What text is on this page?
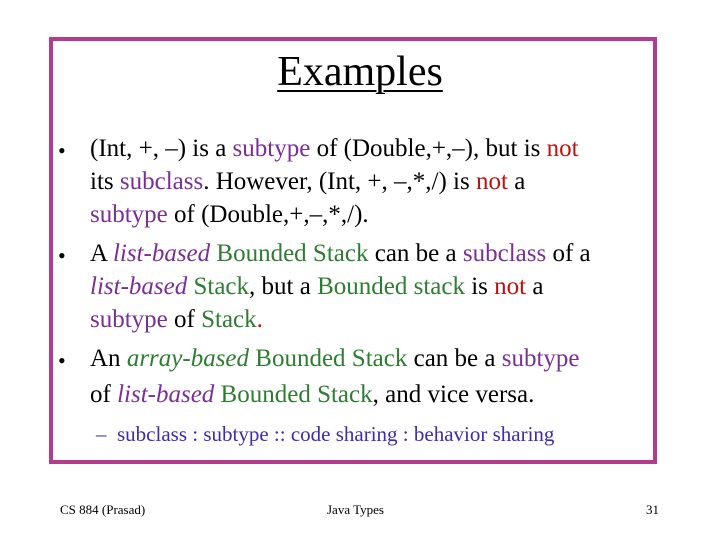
Examples
• (Int, +, –) is a subtype of (Double,+,–), but is not
its subclass. However, (Int, +, –,*,/) is not a
subtype of (Double,+,–,*,/).
• A list-based Bounded Stack can be a subclass of a
list-based Stack, but a Bounded stack is not a
subtype of Stack.
• An array-based Bounded Stack can be a subtype
of list-based Bounded Stack, and vice versa.
– subclass : subtype :: code sharing : behavior sharing
CS 884 (Prasad)	Java Types	31
